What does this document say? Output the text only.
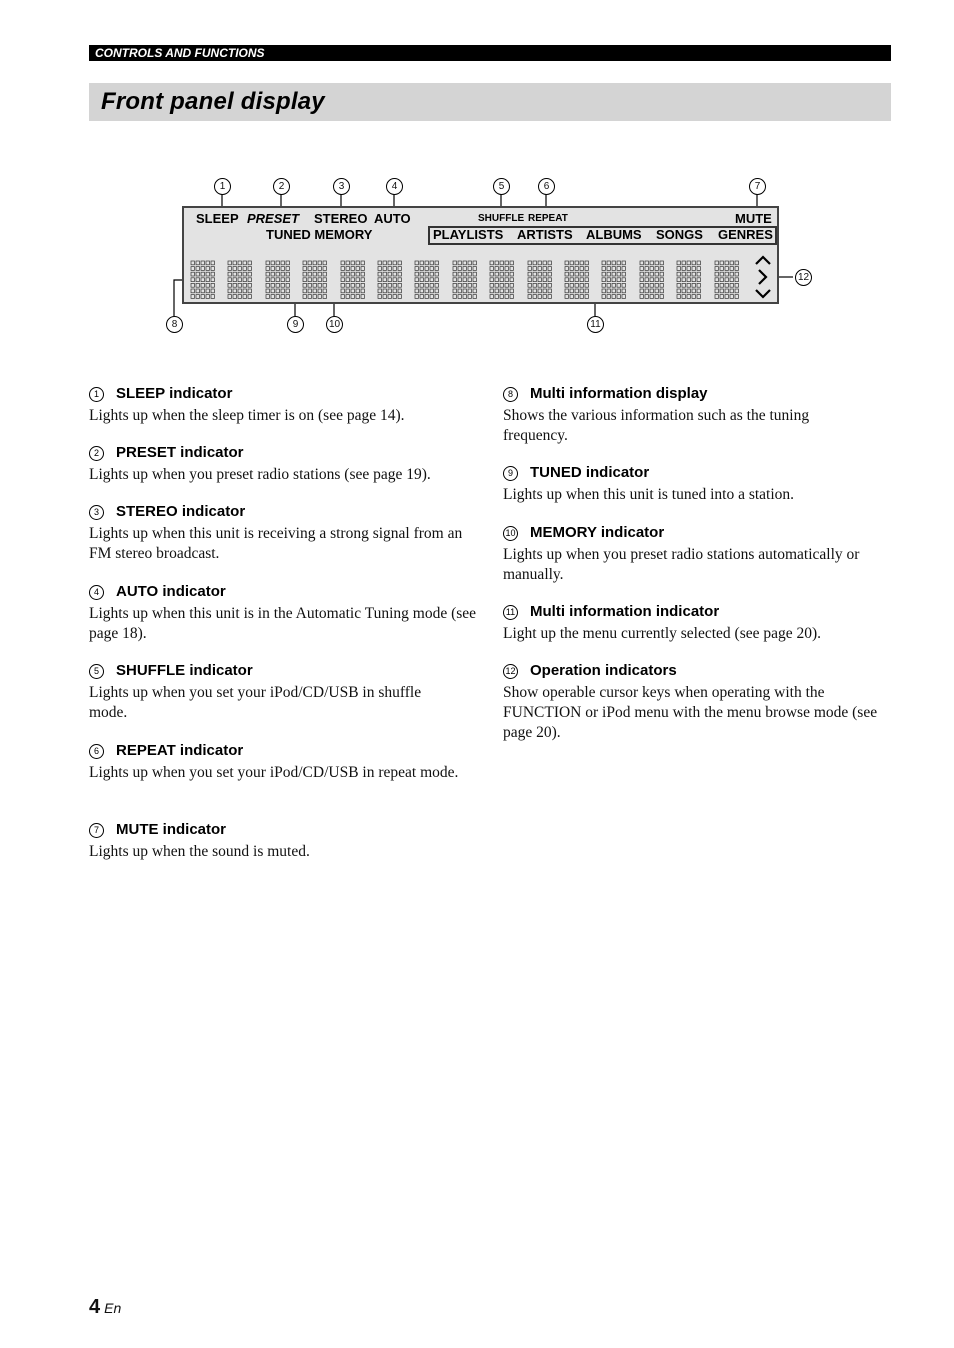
CONTROLS AND FUNCTIONS
Front panel display
1	2	3	4	5	6	7
8	9	10	11
12
SLEEP PRESET STEREO AUTO	SHUFFLE REPEAT	MUTE
TUNED MEMORY	PLAYLISTS ARTISTS ALBUMS SONGS GENRES
1	SLEEP indicator

Lights up when the sleep timer is on (see page 14).

2	PRESET indicator

Lights up when you preset radio stations (see page 19).

3	STEREO indicator

Lights up when this unit is receiving a strong signal from an FM stereo broadcast.

4	AUTO indicator

Lights up when this unit is in the Automatic Tuning mode (see page 18).

5	SHUFFLE indicator

Lights up when you set your iPod/CD/USB in shuffle mode.

6	REPEAT indicator

Lights up when you set your iPod/CD/USB in repeat mode.

7	MUTE indicator

Lights up when the sound is muted.

8	Multi information display

Shows the various information such as the tuning frequency.

9	TUNED indicator

Lights up when this unit is tuned into a station.

10 MEMORY indicator

Lights up when you preset radio stations automatically or manually.

11 Multi information indicator

Light up the menu currently selected (see page 20).

12 Operation indicators

Show operable cursor keys when operating with the FUNCTION or iPod menu with the menu browse mode (see page 20).

4 En
